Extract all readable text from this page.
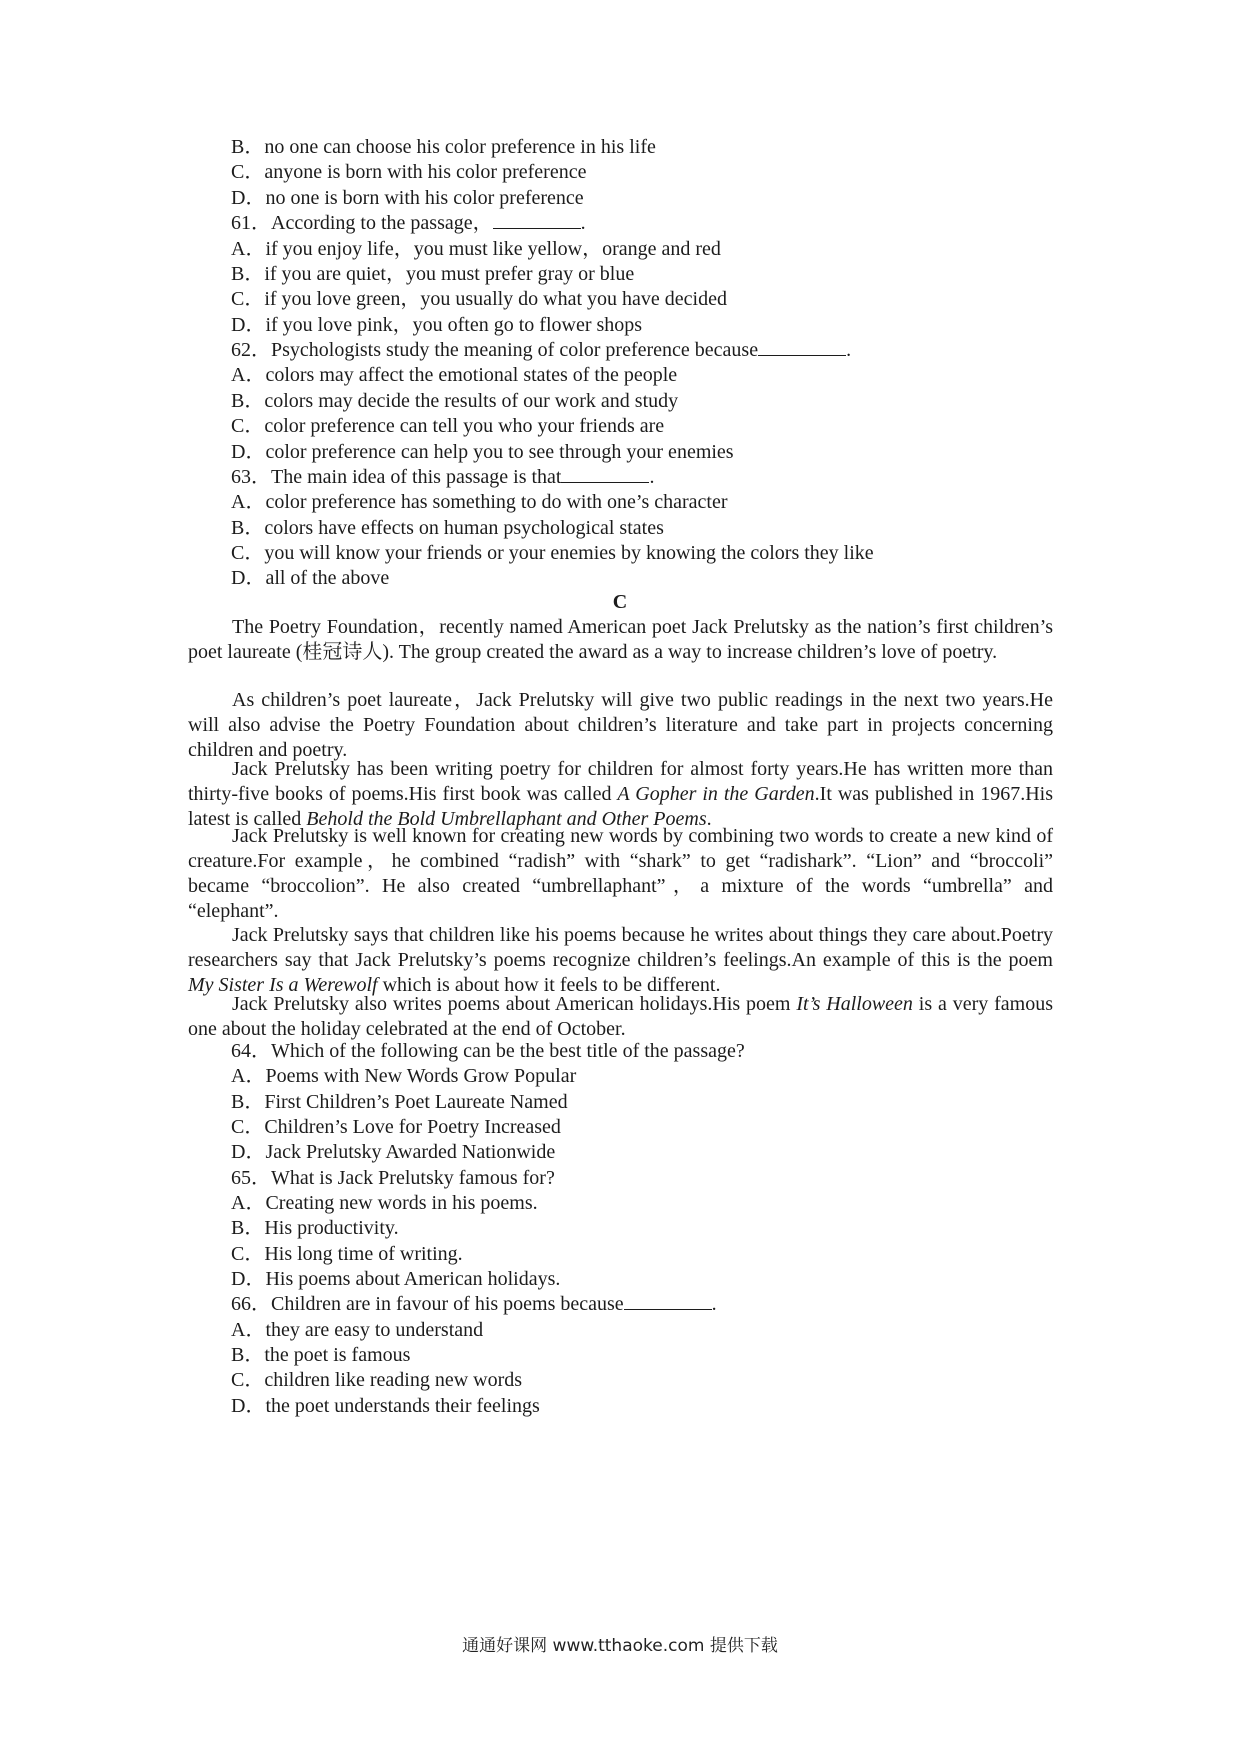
B．no one can choose his color preference in his life
C．anyone is born with his color preference
D．no one is born with his color preference
61．According to the passage，	.
A．if you enjoy life，you must like yellow，orange and red
B．if you are quiet，you must prefer gray or blue
C．if you love green，you usually do what you have decided
D．if you love pink，you often go to flower shops
62．Psychologists study the meaning of color preference because	.
A．colors may affect the emotional states of the people
B．colors may decide the results of our work and study
C．color preference can tell you who your friends are
D．color preference can help you to see through your enemies
63．The main idea of this passage is that	.
A．color preference has something to do with one’s character
B．colors have effects on human psychological states
C．you will know your friends or your enemies by knowing the colors they like
D．all of the above
C

The Poetry Foundation，recently named American poet Jack Prelutsky as the nation’s first children’s poet laureate (桂冠诗人). The group created the award as a way to increase children’s love of poetry.

As children’s poet laureate，Jack Prelutsky will give two public readings in the next two years.He will also advise the Poetry Foundation about children’s literature and take part in projects concerning children and poetry.

Jack Prelutsky has been writing poetry for children for almost forty years.He has written more than thirty-five books of poems.His first book was called A Gopher in the Garden.It was published in 1967.His latest is called Behold the Bold Umbrellaphant and Other Poems.

Jack Prelutsky is well known for creating new words by combining two words to create a new kind of creature.For example，he combined “radish” with “shark” to get “radishark”. “Lion” and “broccoli” became “broccolion”. He also created “umbrellaphant”，a mixture of the words “umbrella” and “elephant”.

Jack Prelutsky says that children like his poems because he writes about things they care about.Poetry researchers say that Jack Prelutsky’s poems recognize children’s feelings.An example of this is the poem My Sister Is a Werewolf which is about how it feels to be different.

Jack Prelutsky also writes poems about American holidays.His poem It’s Halloween is a very famous one about the holiday celebrated at the end of October.

64．Which of the following can be the best title of the passage?
A．Poems with New Words Grow Popular
B．First Children’s Poet Laureate Named
C．Children’s Love for Poetry Increased
D．Jack Prelutsky Awarded Nationwide
65．What is Jack Prelutsky famous for?
A．Creating new words in his poems.
B．His productivity.
C．His long time of writing.
D．His poems about American holidays.
66．Children are in favour of his poems because	.
A．they are easy to understand
B．the poet is famous
C．children like reading new words
D．the poet understands their feelings
通通好课网 www.tthaoke.com 提供下载
